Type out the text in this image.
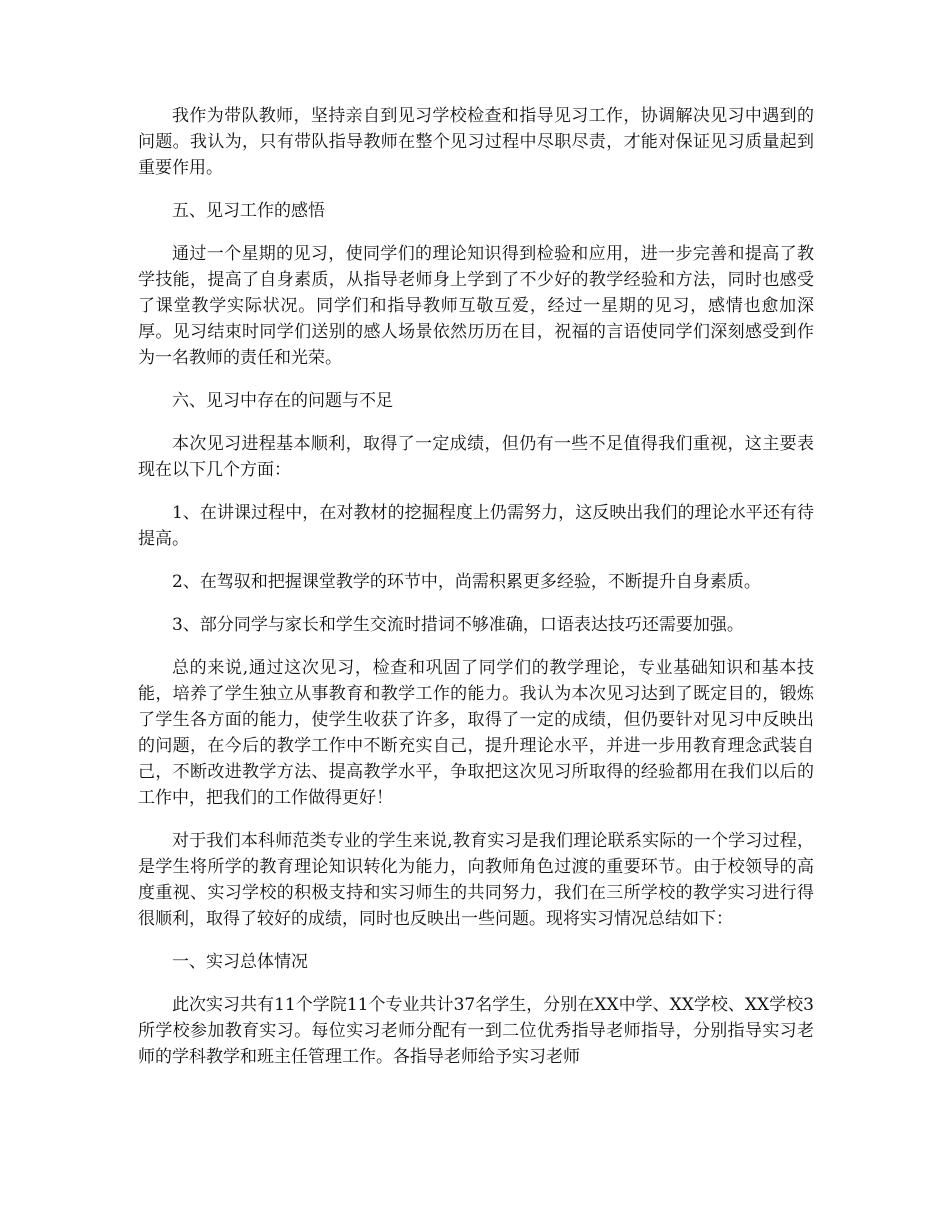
我作为带队教师，坚持亲自到见习学校检查和指导见习工作，协调解决见习中遇到的问题。我认为，只有带队指导教师在整个见习过程中尽职尽责，才能对保证见习质量起到重要作用。

五、见习工作的感悟

通过一个星期的见习，使同学们的理论知识得到检验和应用，进一步完善和提高了教学技能，提高了自身素质，从指导老师身上学到了不少好的教学经验和方法，同时也感受了课堂教学实际状况。同学们和指导教师互敬互爱，经过一星期的见习，感情也愈加深厚。见习结束时同学们送别的感人场景依然历历在目，祝福的言语使同学们深刻感受到作为一名教师的责任和光荣。

六、见习中存在的问题与不足

本次见习进程基本顺利，取得了一定成绩，但仍有一些不足值得我们重视，这主要表现在以下几个方面：

1、在讲课过程中，在对教材的挖掘程度上仍需努力，这反映出我们的理论水平还有待提高。

2、在驾驭和把握课堂教学的环节中，尚需积累更多经验，不断提升自身素质。

3、部分同学与家长和学生交流时措词不够准确，口语表达技巧还需要加强。

总的来说,通过这次见习，检查和巩固了同学们的教学理论，专业基础知识和基本技能，培养了学生独立从事教育和教学工作的能力。我认为本次见习达到了既定目的，锻炼了学生各方面的能力，使学生收获了许多，取得了一定的成绩，但仍要针对见习中反映出的问题，在今后的教学工作中不断充实自己，提升理论水平，并进一步用教育理念武装自己，不断改进教学方法、提高教学水平，争取把这次见习所取得的经验都用在我们以后的工作中，把我们的工作做得更好！

对于我们本科师范类专业的学生来说,教育实习是我们理论联系实际的一个学习过程，是学生将所学的教育理论知识转化为能力，向教师角色过渡的重要环节。由于校领导的高度重视、实习学校的积极支持和实习师生的共同努力，我们在三所学校的教学实习进行得很顺利，取得了较好的成绩，同时也反映出一些问题。现将实习情况总结如下：

一、实习总体情况

此次实习共有11个学院11个专业共计37名学生，分别在XX中学、XX学校、XX学校3所学校参加教育实习。每位实习老师分配有一到二位优秀指导老师指导，分别指导实习老师的学科教学和班主任管理工作。各指导老师给予实习老师
